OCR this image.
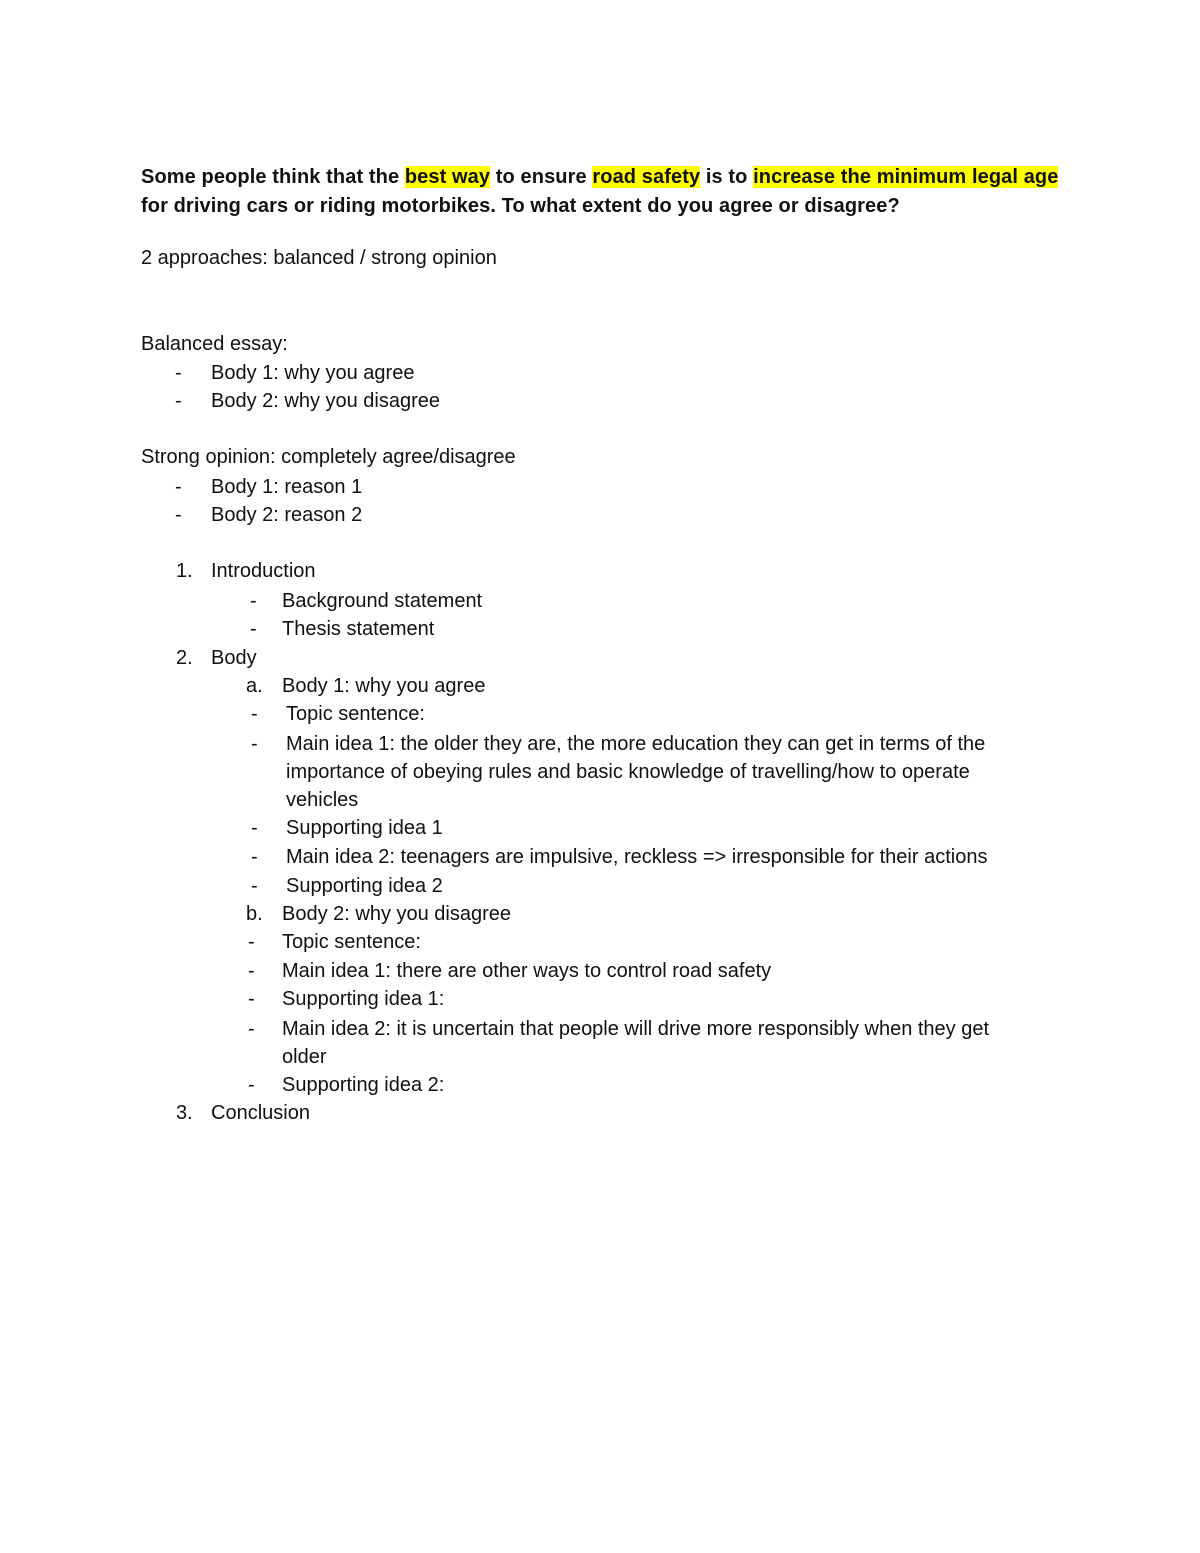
Some people think that the best way to ensure road safety is to increase the minimum legal age for driving cars or riding motorbikes. To what extent do you agree or disagree?
2 approaches: balanced / strong opinion
Balanced essay:
- Body 1: why you agree
- Body 2: why you disagree
Strong opinion: completely agree/disagree
- Body 1: reason 1
- Body 2: reason 2
1. Introduction
- Background statement
- Thesis statement
2. Body
a. Body 1: why you agree
- Topic sentence:
- Main idea 1: the older they are, the more education they can get in terms of the
importance of obeying rules and basic knowledge of travelling/how to operate
vehicles
- Supporting idea 1
- Main idea 2: teenagers are impulsive, reckless => irresponsible for their actions
- Supporting idea 2
b. Body 2: why you disagree
- Topic sentence:
- Main idea 1: there are other ways to control road safety
- Supporting idea 1:
- Main idea 2: it is uncertain that people will drive more responsibly when they get
older
- Supporting idea 2:
3. Conclusion
